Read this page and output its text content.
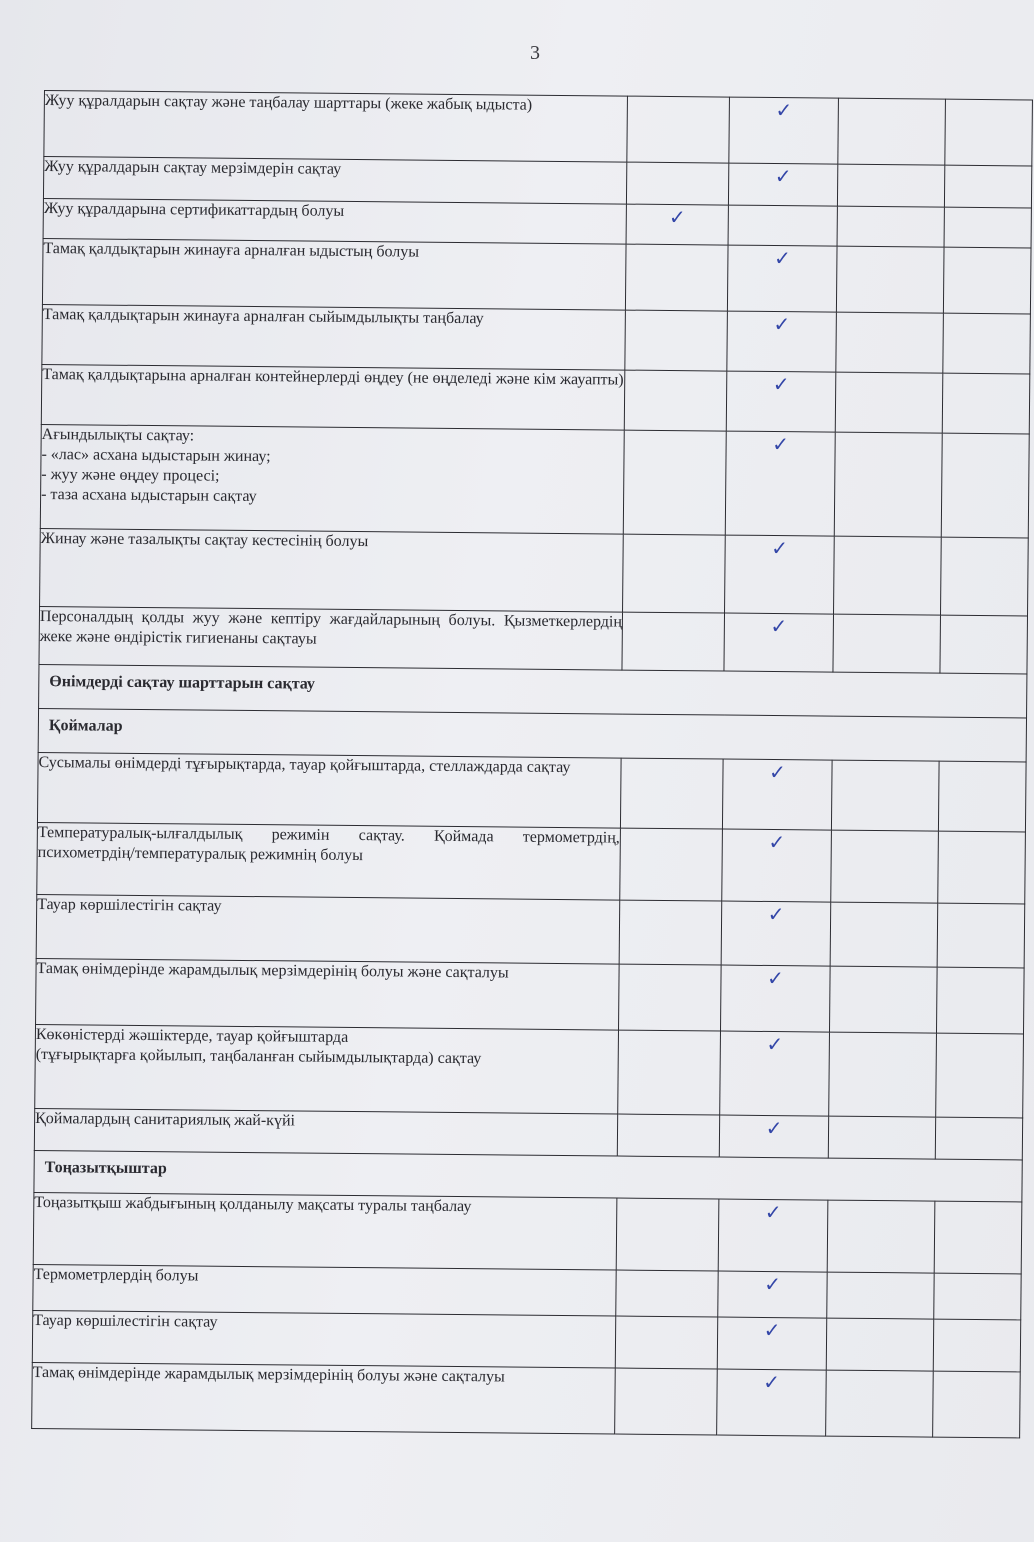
3
Жуу құралдарын сақтау және таңбалау шарттары (жеке жабық ыдыста)		✓		
Жуу құралдарын сақтау мерзімдерін сақтау		✓		
Жуу құралдарына сертификаттардың болуы	✓			
Тамақ қалдықтарын жинауға арналған ыдыстың болуы		✓		
Тамақ қалдықтарын жинауға арналған сыйымдылықты таңбалау		✓		
Тамақ қалдықтарына арналған контейнерлерді өңдеу (не өңделеді және кім жауапты)		✓		

Ағындылықты сақтау:
- «лас» асхана ыдыстарын жинау;
- жуу және өңдеу процесі;
- таза асхана ыдыстарын сақтау		✓		
Жинау және тазалықты сақтау кестесінің болуы		✓		
Персоналдың қолды жуу және кептіру жағдайларының болуы. Қызметкерлердің жеке және өндірістік гигиенаны сақтауы		✓		
Өнімдерді сақтау шарттарын сақтау				
Қоймалар				
Сусымалы өнімдерді тұғырықтарда, тауар қойғыштарда, стеллаждарда сақтау		✓		
Температуралық-ылғалдылық режимін сақтау. Қоймада термометрдің, психометрдің/температуралық режимнің болуы		✓		
Тауар көршілестігін сақтау		✓		
Тамақ өнімдерінде жарамдылық мерзімдерінің болуы және сақталуы		✓		

Көкөністерді жәшіктерде, тауар қойғыштарда
(тұғырықтарға қойылып, таңбаланған сыйымдылықтарда) сақтау		✓		
Қоймалардың санитариялық жай-күйі		✓		
Тоңазытқыштар				
Тоңазытқыш жабдығының қолданылу мақсаты туралы таңбалау		✓		
Термометрлердің болуы		✓		
Тауар көршілестігін сақтау		✓		
Тамақ өнімдерінде жарамдылық мерзімдерінің болуы және сақталуы		✓		
